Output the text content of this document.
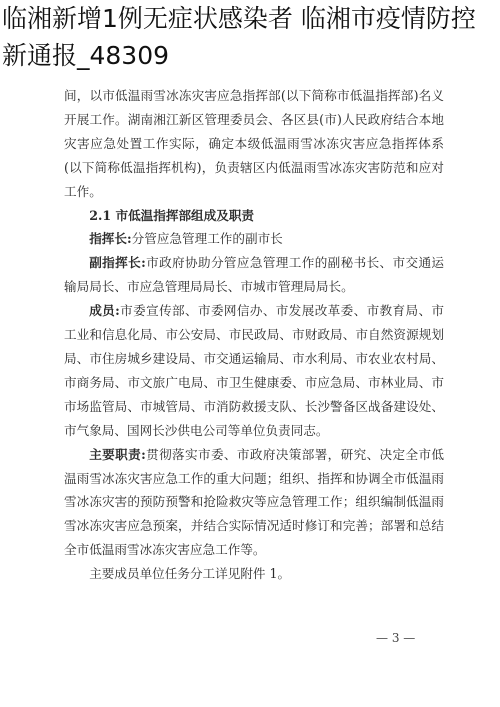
临湘新增1例无症状感染者 临湘市疫情防控
新通报_48309

间，以市低温雨雪冰冻灾害应急指挥部(以下简称市低温指挥部)名义开展工作。湖南湘江新区管理委员会、各区县(市)人民政府结合本地灾害应急处置工作实际，确定本级低温雨雪冰冻灾害应急指挥体系(以下简称低温指挥机构)，负责辖区内低温雨雪冰冻灾害防范和应对工作。

2.1 市低温指挥部组成及职责

指挥长:分管应急管理工作的副市长

副指挥长:市政府协助分管应急管理工作的副秘书长、市交通运输局局长、市应急管理局局长、市城市管理局局长。

成员:市委宣传部、市委网信办、市发展改革委、市教育局、市工业和信息化局、市公安局、市民政局、市财政局、市自然资源规划局、市住房城乡建设局、市交通运输局、市水利局、市农业农村局、市商务局、市文旅广电局、市卫生健康委、市应急局、市林业局、市市场监管局、市城管局、市消防救援支队、长沙警备区战备建设处、市气象局、国网长沙供电公司等单位负责同志。

主要职责:贯彻落实市委、市政府决策部署，研究、决定全市低温雨雪冰冻灾害应急工作的重大问题；组织、指挥和协调全市低温雨雪冰冻灾害的预防预警和抢险救灾等应急管理工作；组织编制低温雨雪冰冻灾害应急预案，并结合实际情况适时修订和完善；部署和总结全市低温雨雪冰冻灾害应急工作等。

主要成员单位任务分工详见附件 1。

— 3 —
